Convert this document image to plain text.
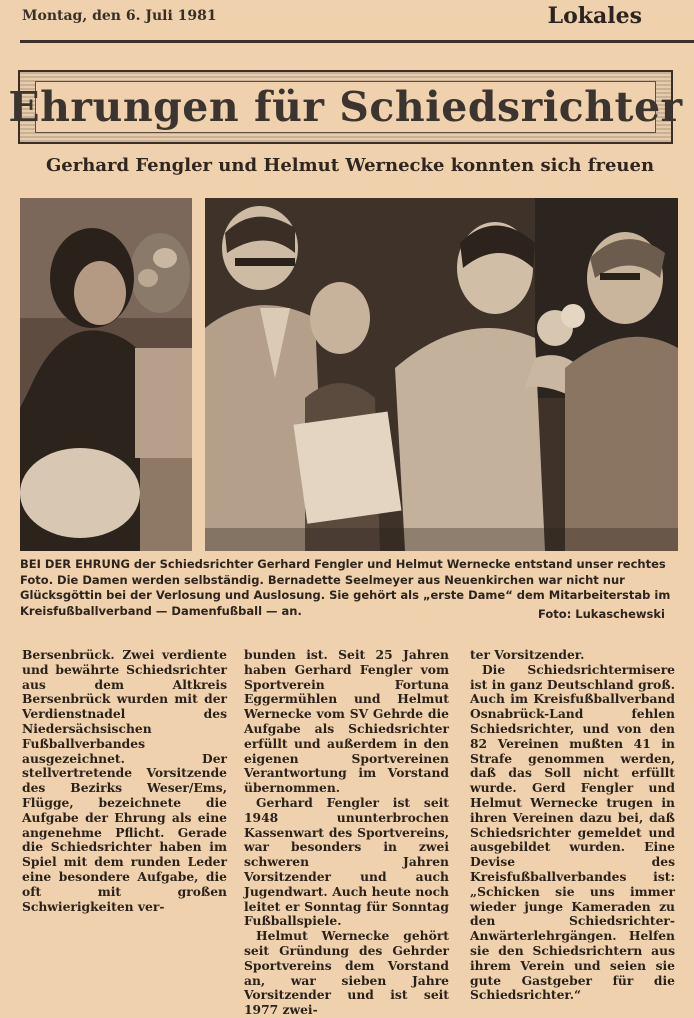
Montag, den 6. Juli 1981	Lokales
Ehrungen für Schiedsrichter
Gerhard Fengler und Helmut Wernecke konnten sich freuen
BEI DER EHRUNG der Schiedsrichter Gerhard Fengler und Helmut Wernecke entstand unser rechtes Foto. Die Damen werden selbständig. Bernadette Seelmeyer aus Neuenkirchen war nicht nur Glücksgöttin bei der Verlosung und Auslosung. Sie gehört als „erste Dame“ dem Mitarbeiterstab im Kreisfußballverband — Damenfußball — an.	Foto: Lukaschewski

Bersenbrück. Zwei verdiente und bewährte Schiedsrichter aus dem Altkreis Bersenbrück wurden mit der Verdienstnadel des Niedersächsischen Fußballverbandes ausgezeichnet. Der stellvertretende Vorsitzende des Bezirks Weser/Ems, Flügge, bezeichnete die Aufgabe der Ehrung als eine angenehme Pflicht. Gerade die Schiedsrichter haben im Spiel mit dem runden Leder eine besondere Aufgabe, die oft mit großen Schwierigkeiten ver-

bunden ist. Seit 25 Jahren haben Gerhard Fengler vom Sportverein Fortuna Eggermühlen und Helmut Wernecke vom SV Gehrde die Aufgabe als Schiedsrichter erfüllt und außerdem in den eigenen Sportvereinen Verantwortung im Vorstand übernommen.

Gerhard Fengler ist seit 1948 ununterbrochen Kassenwart des Sportvereins, war besonders in zwei schweren Jahren Vorsitzender und auch Jugendwart. Auch heute noch leitet er Sonntag für Sonntag Fußballspiele.

Helmut Wernecke gehört seit Gründung des Gehrder Sportvereins dem Vorstand an, war sieben Jahre Vorsitzender und ist seit 1977 zwei-

ter Vorsitzender.

Die Schiedsrichtermisere ist in ganz Deutschland groß. Auch im Kreisfußballverband Osnabrück-Land fehlen Schiedsrichter, und von den 82 Vereinen mußten 41 in Strafe genommen werden, daß das Soll nicht erfüllt wurde. Gerd Fengler und Helmut Wernecke trugen in ihren Vereinen dazu bei, daß Schiedsrichter gemeldet und ausgebildet wurden. Eine Devise des Kreisfußballverbandes ist: „Schicken sie uns immer wieder junge Kameraden zu den Schiedsrichter-Anwärterlehrgängen. Helfen sie den Schiedsrichtern aus ihrem Verein und seien sie gute Gastgeber für die Schiedsrichter.“
